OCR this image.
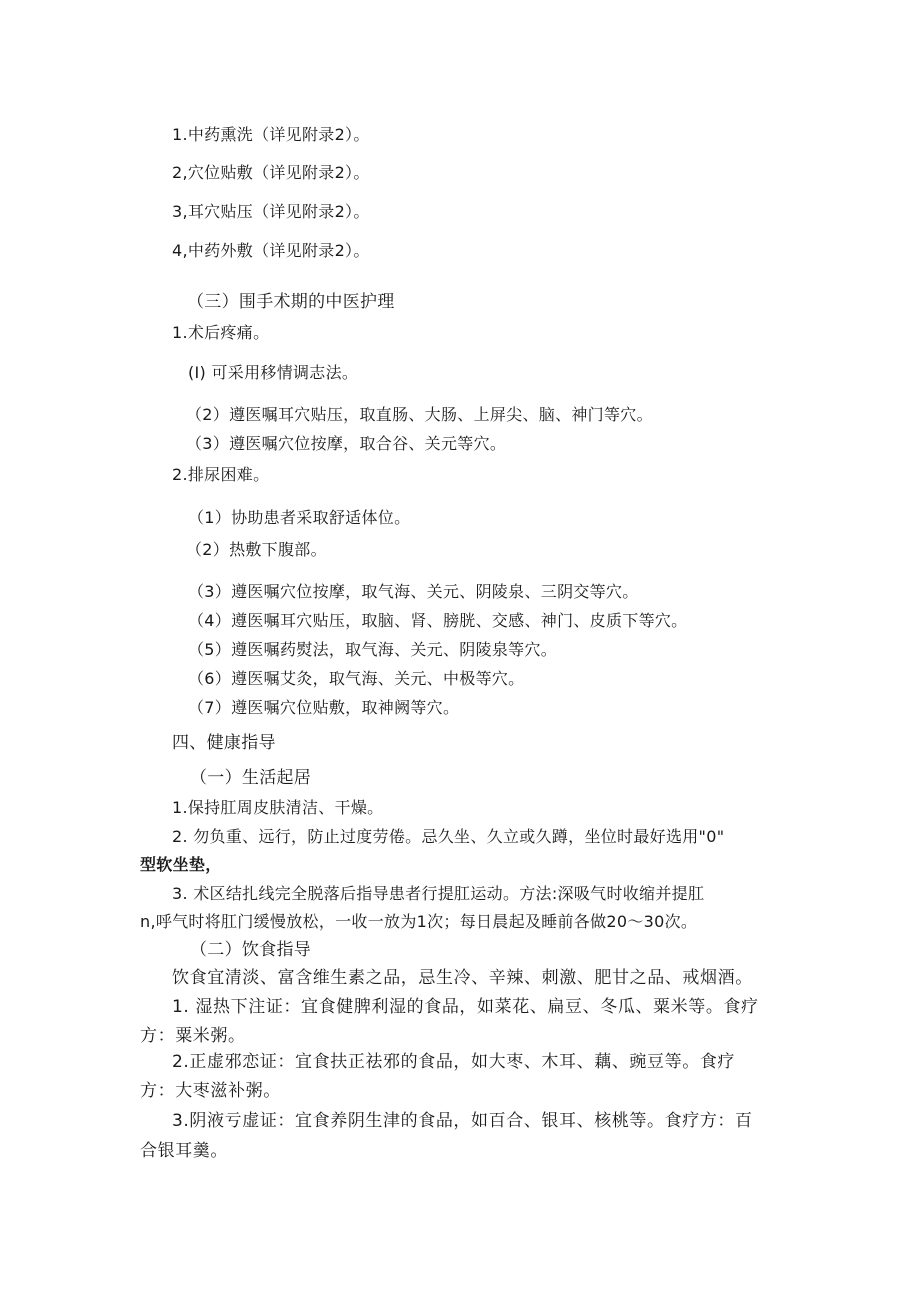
1.中药熏洗（详见附录2）。
2,穴位贴敷（详见附录2）。
3,耳穴贴压（详见附录2）。
4,中药外敷（详见附录2）。
（三）围手术期的中医护理
1.术后疼痛。
(I) 可采用移情调志法。
（2）遵医嘱耳穴贴压，取直肠、大肠、上屏尖、脑、神门等穴。
（3）遵医嘱穴位按摩，取合谷、关元等穴。
2.排尿困难。
（1）协助患者采取舒适体位。
（2）热敷下腹部。
（3）遵医嘱穴位按摩，取气海、关元、阴陵泉、三阴交等穴。
（4）遵医嘱耳穴贴压，取脑、肾、膀胱、交感、神门、皮质下等穴。
（5）遵医嘱药熨法，取气海、关元、阴陵泉等穴。
（6）遵医嘱艾灸，取气海、关元、中极等穴。
（7）遵医嘱穴位贴敷，取神阙等穴。
四、健康指导
（一）生活起居
1.保持肛周皮肤清洁、干燥。
2. 勿负重、远行，防止过度劳倦。忌久坐、久立或久蹲，坐位时最好选用"0"
型软坐垫，
3. 术区结扎线完全脱落后指导患者行提肛运动。方法:深吸气时收缩并提肛
n,呼气时将肛门缓慢放松，一收一放为1次；每日晨起及睡前各做20～30次。
（二）饮食指导
饮食宜清淡、富含维生素之品，忌生冷、辛辣、刺激、肥甘之品、戒烟酒。
1. 湿热下注证：宜食健脾利湿的食品，如菜花、扁豆、冬瓜、粟米等。食疗
方：粟米粥。
2.正虚邪恋证：宜食扶正祛邪的食品，如大枣、木耳、藕、豌豆等。食疗
方：大枣滋补粥。
3.阴液亏虚证：宜食养阴生津的食品，如百合、银耳、核桃等。食疗方：百
合银耳羹。
